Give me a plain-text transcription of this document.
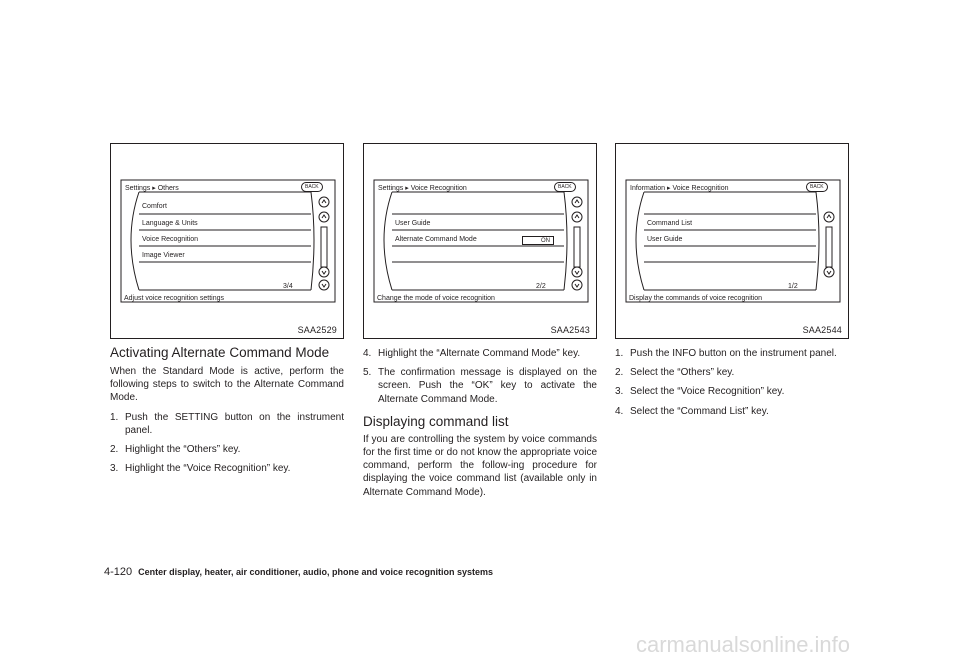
Settings ▸ Others	BACK
Comfort
Language & Units
Voice Recognition
Image Viewer
3/4
Adjust voice recognition settings
SAA2529
Settings ▸ Voice Recognition	BACK
User Guide
Alternate Command Mode	ON
2/2
Change the mode of voice recognition
SAA2543
Information ▸ Voice Recognition	BACK
Command List
User Guide
1/2
Display the commands of voice recognition
SAA2544
Activating Alternate Command Mode

When the Standard Mode is active, perform the following steps to switch to the Alternate Command Mode.

1. Push the SETTING button on the instrument panel.
2. Highlight the “Others” key.
3. Highlight the “Voice Recognition” key.
4. Highlight the “Alternate Command Mode” key.
5. The confirmation message is displayed on the screen. Push the “OK” key to activate the Alternate Command Mode.
Displaying command list

If you are controlling the system by voice commands for the first time or do not know the appropriate voice command, perform the follow-ing procedure for displaying the voice command list (available only in Alternate Command Mode).

1. Push the INFO button on the instrument panel.
2. Select the “Others” key.
3. Select the “Voice Recognition” key.
4. Select the “Command List” key.
4-120 Center display, heater, air conditioner, audio, phone and voice recognition systems
carmanualsonline.info
